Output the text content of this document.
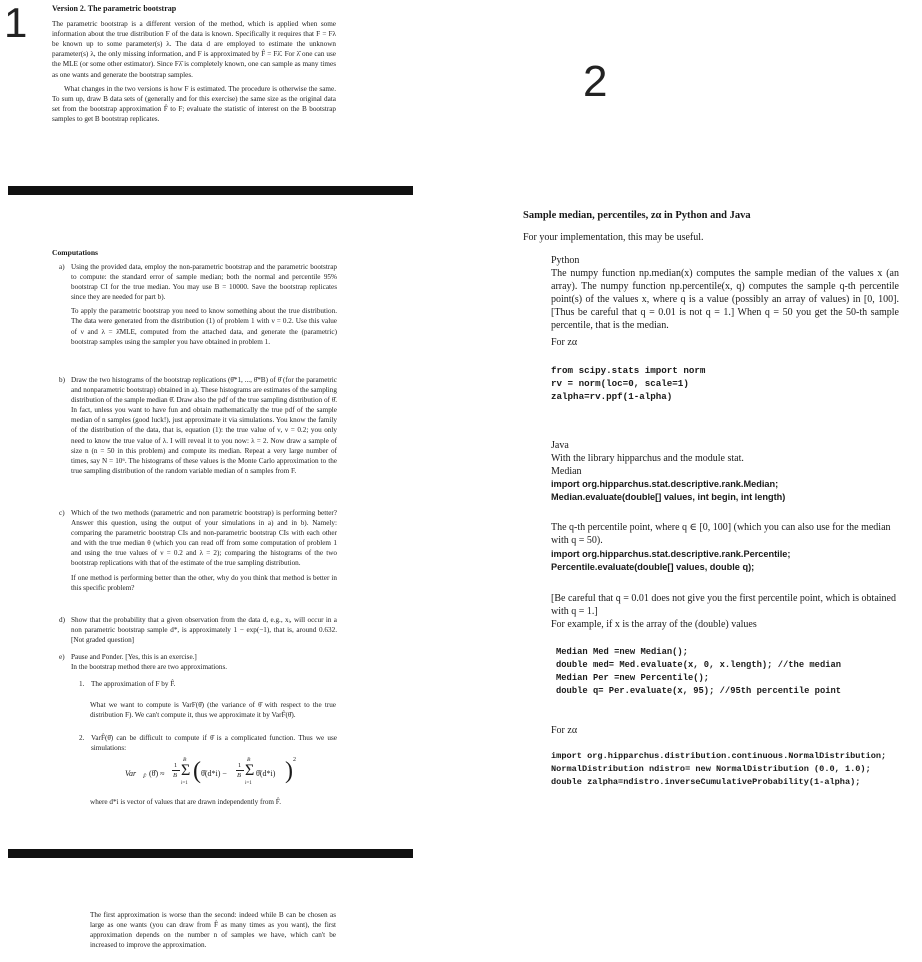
1
2
Version 2. The parametric bootstrap

The parametric bootstrap is a different version of the method, which is applied when some information about the true distribution F of the data is known. Specifically it requires that F = Fλ be known up to some parameter(s) λ. The data d are employed to estimate the unknown parameter(s) λ, the only missing information, and F is approximated by F̂ = Fλ̂. For λ̂ one can use the MLE (or some other estimator). Since Fλ̂ is completely known, one can sample as many times as one wants and generate the bootstrap samples.

What changes in the two versions is how F is estimated. The procedure is otherwise the same. To sum up, draw B data sets of (generally and for this exercise) the same size as the original data set from the bootstrap approximation F̂ to F; evaluate the statistic of interest on the B bootstrap samples to get B bootstrap replicates.

Computations
a) Using the provided data, employ the non-parametric bootstrap and the parametric bootstrap to compute: the standard error of sample median; both the normal and percentile 95% bootstrap CI for the true median. You may use B = 10000. Save the bootstrap replicates since they are needed for part b).

To apply the parametric bootstrap you need to know something about the true distribution. The data were generated from the distribution (1) of problem 1 with ν = 0.2. Use this value of ν and λ = λ̂MLE, computed from the attached data, and generate the (parametric) bootstrap samples using the sampler you have obtained in problem 1.

b) Draw the two histograms of the bootstrap replications (θ̂*1, ..., θ̂*B) of θ̂ (for the parametric and nonparametric bootstrap) obtained in a). These histograms are estimates of the sampling distribution of the sample median θ̂. Draw also the pdf of the true sampling distribution of θ̂. In fact, unless you want to have fun and obtain mathematically the true pdf of the sample median of n samples (good luck!), just approximate it via simulations. You know the family of the distribution of the data, that is, equation (1): the true value of ν, ν = 0.2; you only need to know the true value of λ. I will reveal it to you now: λ = 2. Now draw a sample of size n (n = 50 in this problem) and compute its median. Repeat a very large number of times, say N = 10⁶. The histograms of these values is the Monte Carlo approximation to the true sampling distribution of the random variable median of n samples from F.

c) Which of the two methods (parametric and non parametric bootstrap) is performing better? Answer this question, using the output of your simulations in a) and in b). Namely: comparing the parametric bootstrap CIs and non-parametric bootstrap CIs with each other and with the true median θ (which you can read off from some computation of problem 1 and using the true values of ν = 0.2 and λ = 2); comparing the histograms of the two bootstrap replications with that of the estimate of the true sampling distribution.

If one method is performing better than the other, why do you think that method is better in this specific problem?

d) Show that the probability that a given observation from the data d, e.g., xᵢ, will occur in a non parametric bootstrap sample d*, is approximately 1 − exp(−1), that is, around 0.632. [Not graded question]

e) Pause and Ponder. [Yes, this is an exercise.]

In the bootstrap method there are two approximations.

1. The approximation of F by F̂.

What we want to compute is VarF(θ̂) (the variance of θ̂ with respect to the true distribution F). We can't compute it, thus we approximate it by VarF̂(θ̂).

2. VarF̂(θ̂) can be difficult to compute if θ̂ is a complicated function. Thus we use simulations:

Var F̂ (θ̂) ≈
1
B
B
Σ
i=1 ( θ̂(d*i) −
1
B
B
Σ
i=1
θ̂(d*i) ) 2

where d*i is vector of values that are drawn independently from F̂.

The first approximation is worse than the second: indeed while B can be chosen as large as one wants (you can draw from F̂ as many times as you want), the first approximation depends on the number n of samples we have, which can't be increased to improve the approximation.

Sample median, percentiles, zα in Python and Java
For your implementation, this may be useful.
Python
The numpy function np.median(x) computes the sample median of the values x (an array). The numpy function np.percentile(x, q) computes the sample q-th percentile point(s) of the values x, where q is a value (possibly an array of values) in [0, 100]. [Thus be careful that q = 0.01 is not q = 1.] When q = 50 you get the 50-th sample percentile, that is the median.
For zα
from scipy.stats import norm
rv = norm(loc=0, scale=1)
zalpha=rv.ppf(1-alpha)
Java
With the library hipparchus and the module stat.
Median
import org.hipparchus.stat.descriptive.rank.Median;
Median.evaluate(double[] values, int begin, int length)
The q-th percentile point, where q ∈ [0, 100] (which you can also use for the median with q = 50).
import org.hipparchus.stat.descriptive.rank.Percentile;
Percentile.evaluate(double[] values, double q);
[Be careful that q = 0.01 does not give you the first percentile point, which is obtained with q = 1.]
For example, if x is the array of the (double) values
Median Med =new Median();
double med= Med.evaluate(x, 0, x.length); //the median
Median Per =new Percentile();
double q= Per.evaluate(x, 95); //95th percentile point
For zα
import org.hipparchus.distribution.continuous.NormalDistribution;
NormalDistribution ndistro= new NormalDistribution (0.0, 1.0);
double zalpha=ndistro.inverseCumulativeProbability(1-alpha);
